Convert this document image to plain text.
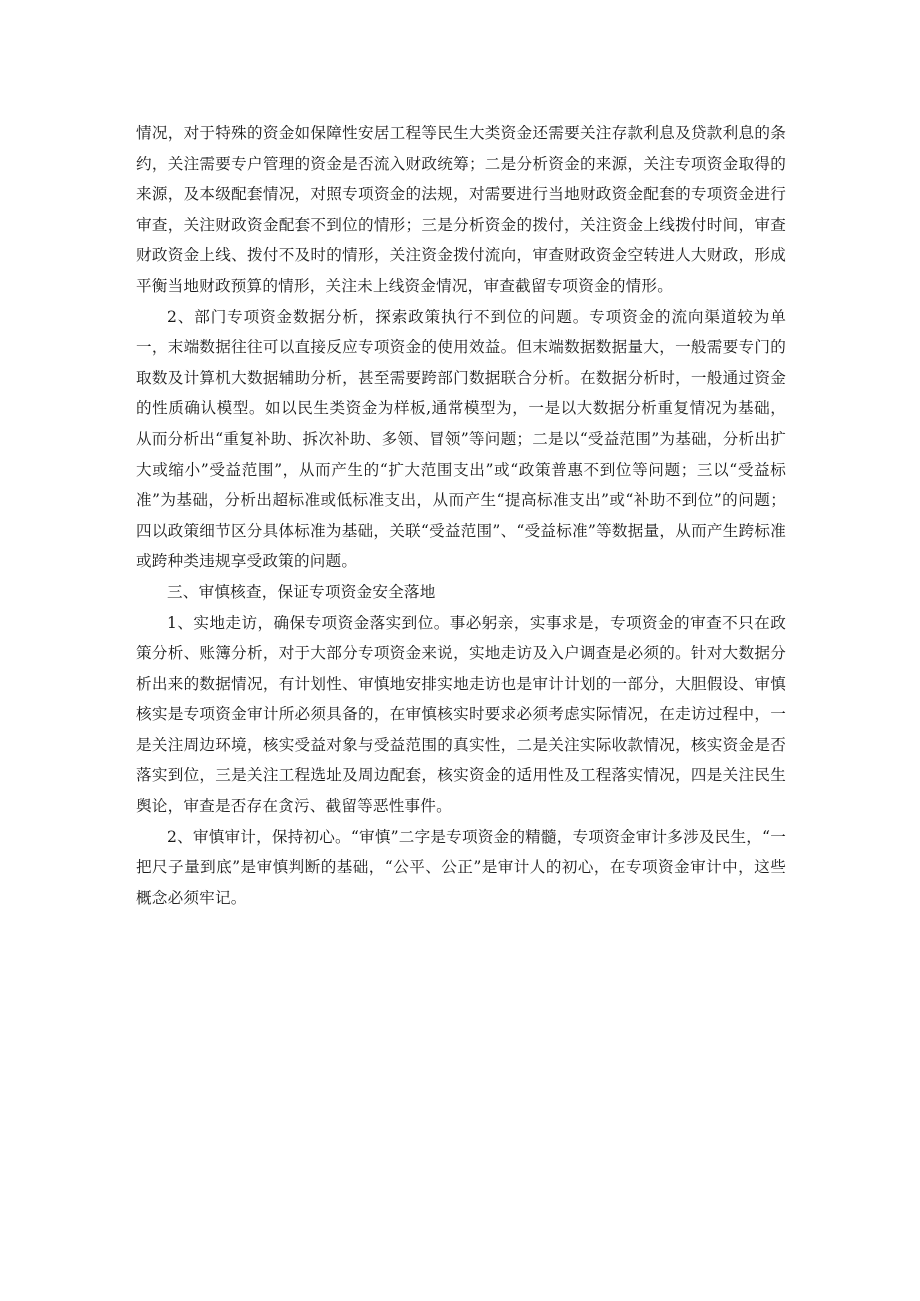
情况，对于特殊的资金如保障性安居工程等民生大类资金还需要关注存款利息及贷款利息的条约，关注需要专户管理的资金是否流入财政统筹；二是分析资金的来源，关注专项资金取得的来源，及本级配套情况，对照专项资金的法规，对需要进行当地财政资金配套的专项资金进行审查，关注财政资金配套不到位的情形；三是分析资金的拨付，关注资金上线拨付时间，审查财政资金上线、拨付不及时的情形，关注资金拨付流向，审查财政资金空转进人大财政，形成平衡当地财政预算的情形，关注未上线资金情况，审查截留专项资金的情形。

2、部门专项资金数据分析，探索政策执行不到位的问题。专项资金的流向渠道较为单一，末端数据往往可以直接反应专项资金的使用效益。但末端数据数据量大，一般需要专门的取数及计算机大数据辅助分析，甚至需要跨部门数据联合分析。在数据分析时，一般通过资金的性质确认模型。如以民生类资金为样板,通常模型为，一是以大数据分析重复情况为基础，从而分析出“重复补助、拆次补助、多领、冒领”等问题；二是以“受益范围”为基础，分析出扩大或缩小”受益范围”，从而产生的“扩大范围支出”或“政策普惠不到位等问题；三以“受益标准”为基础，分析出超标准或低标准支出，从而产生“提高标准支出”或“补助不到位”的问题；四以政策细节区分具体标准为基础，关联“受益范围”、“受益标准”等数据量，从而产生跨标准或跨种类违规享受政策的问题。

三、审慎核查，保证专项资金安全落地

1、实地走访，确保专项资金落实到位。事必躬亲，实事求是，专项资金的审查不只在政策分析、账簿分析，对于大部分专项资金来说，实地走访及入户调查是必须的。针对大数据分析出来的数据情况，有计划性、审慎地安排实地走访也是审计计划的一部分，大胆假设、审慎核实是专项资金审计所必须具备的，在审慎核实时要求必须考虑实际情况，在走访过程中，一是关注周边环境，核实受益对象与受益范围的真实性，二是关注实际收款情况，核实资金是否落实到位，三是关注工程选址及周边配套，核实资金的适用性及工程落实情况，四是关注民生舆论，审查是否存在贪污、截留等恶性事件。

2、审慎审计，保持初心。“审慎”二字是专项资金的精髓，专项资金审计多涉及民生，“一把尺子量到底”是审慎判断的基础，“公平、公正”是审计人的初心，在专项资金审计中，这些概念必须牢记。
